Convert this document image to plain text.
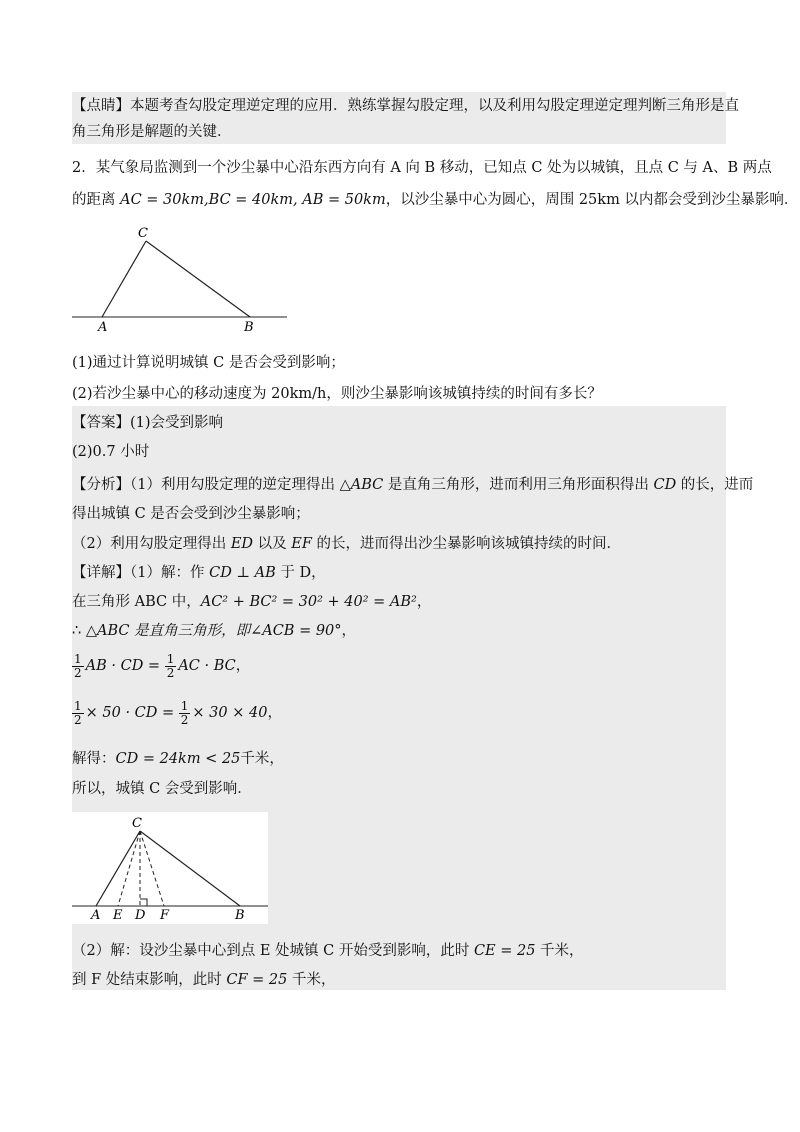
【点睛】本题考查勾股定理逆定理的应用．熟练掌握勾股定理，以及利用勾股定理逆定理判断三角形是直
角三角形是解题的关键．
2．某气象局监测到一个沙尘暴中心沿东西方向有 A 向 B 移动，已知点 C 处为以城镇，且点 C 与 A、B 两点
的距离 AC = 30km,BC = 40km, AB = 50km，以沙尘暴中心为圆心，周围 25km 以内都会受到沙尘暴影响．
C
A	B
(1)通过计算说明城镇 C 是否会受到影响；
(2)若沙尘暴中心的移动速度为 20km/h，则沙尘暴影响该城镇持续的时间有多长？
【答案】(1)会受到影响
(2)0.7 小时
【分析】（1）利用勾股定理的逆定理得出 △ABC 是直角三角形，进而利用三角形面积得出 CD 的长，进而
得出城镇 C 是否会受到沙尘暴影响；
（2）利用勾股定理得出 ED 以及 EF 的长，进而得出沙尘暴影响该城镇持续的时间．
【详解】（1）解：作 CD ⊥ AB 于 D，
在三角形 ABC 中，AC² + BC² = 30² + 40² = AB²，
∴ △ABC 是直角三角形，即∠ACB = 90°，
$\frac{1}{2}$ AB · CD = $\frac{1}{2}$ AC · BC，
$\frac{1}{2} \times 50$ · CD = $\frac{1}{2} \times 30 \times 40$，
解得：CD = 24km < 25千米，
所以，城镇 C 会受到影响．
C
A E D F	B
（2）解：设沙尘暴中心到点 E 处城镇 C 开始受到影响，此时 CE = 25 千米，
到 F 处结束影响，此时 CF = 25 千米，
